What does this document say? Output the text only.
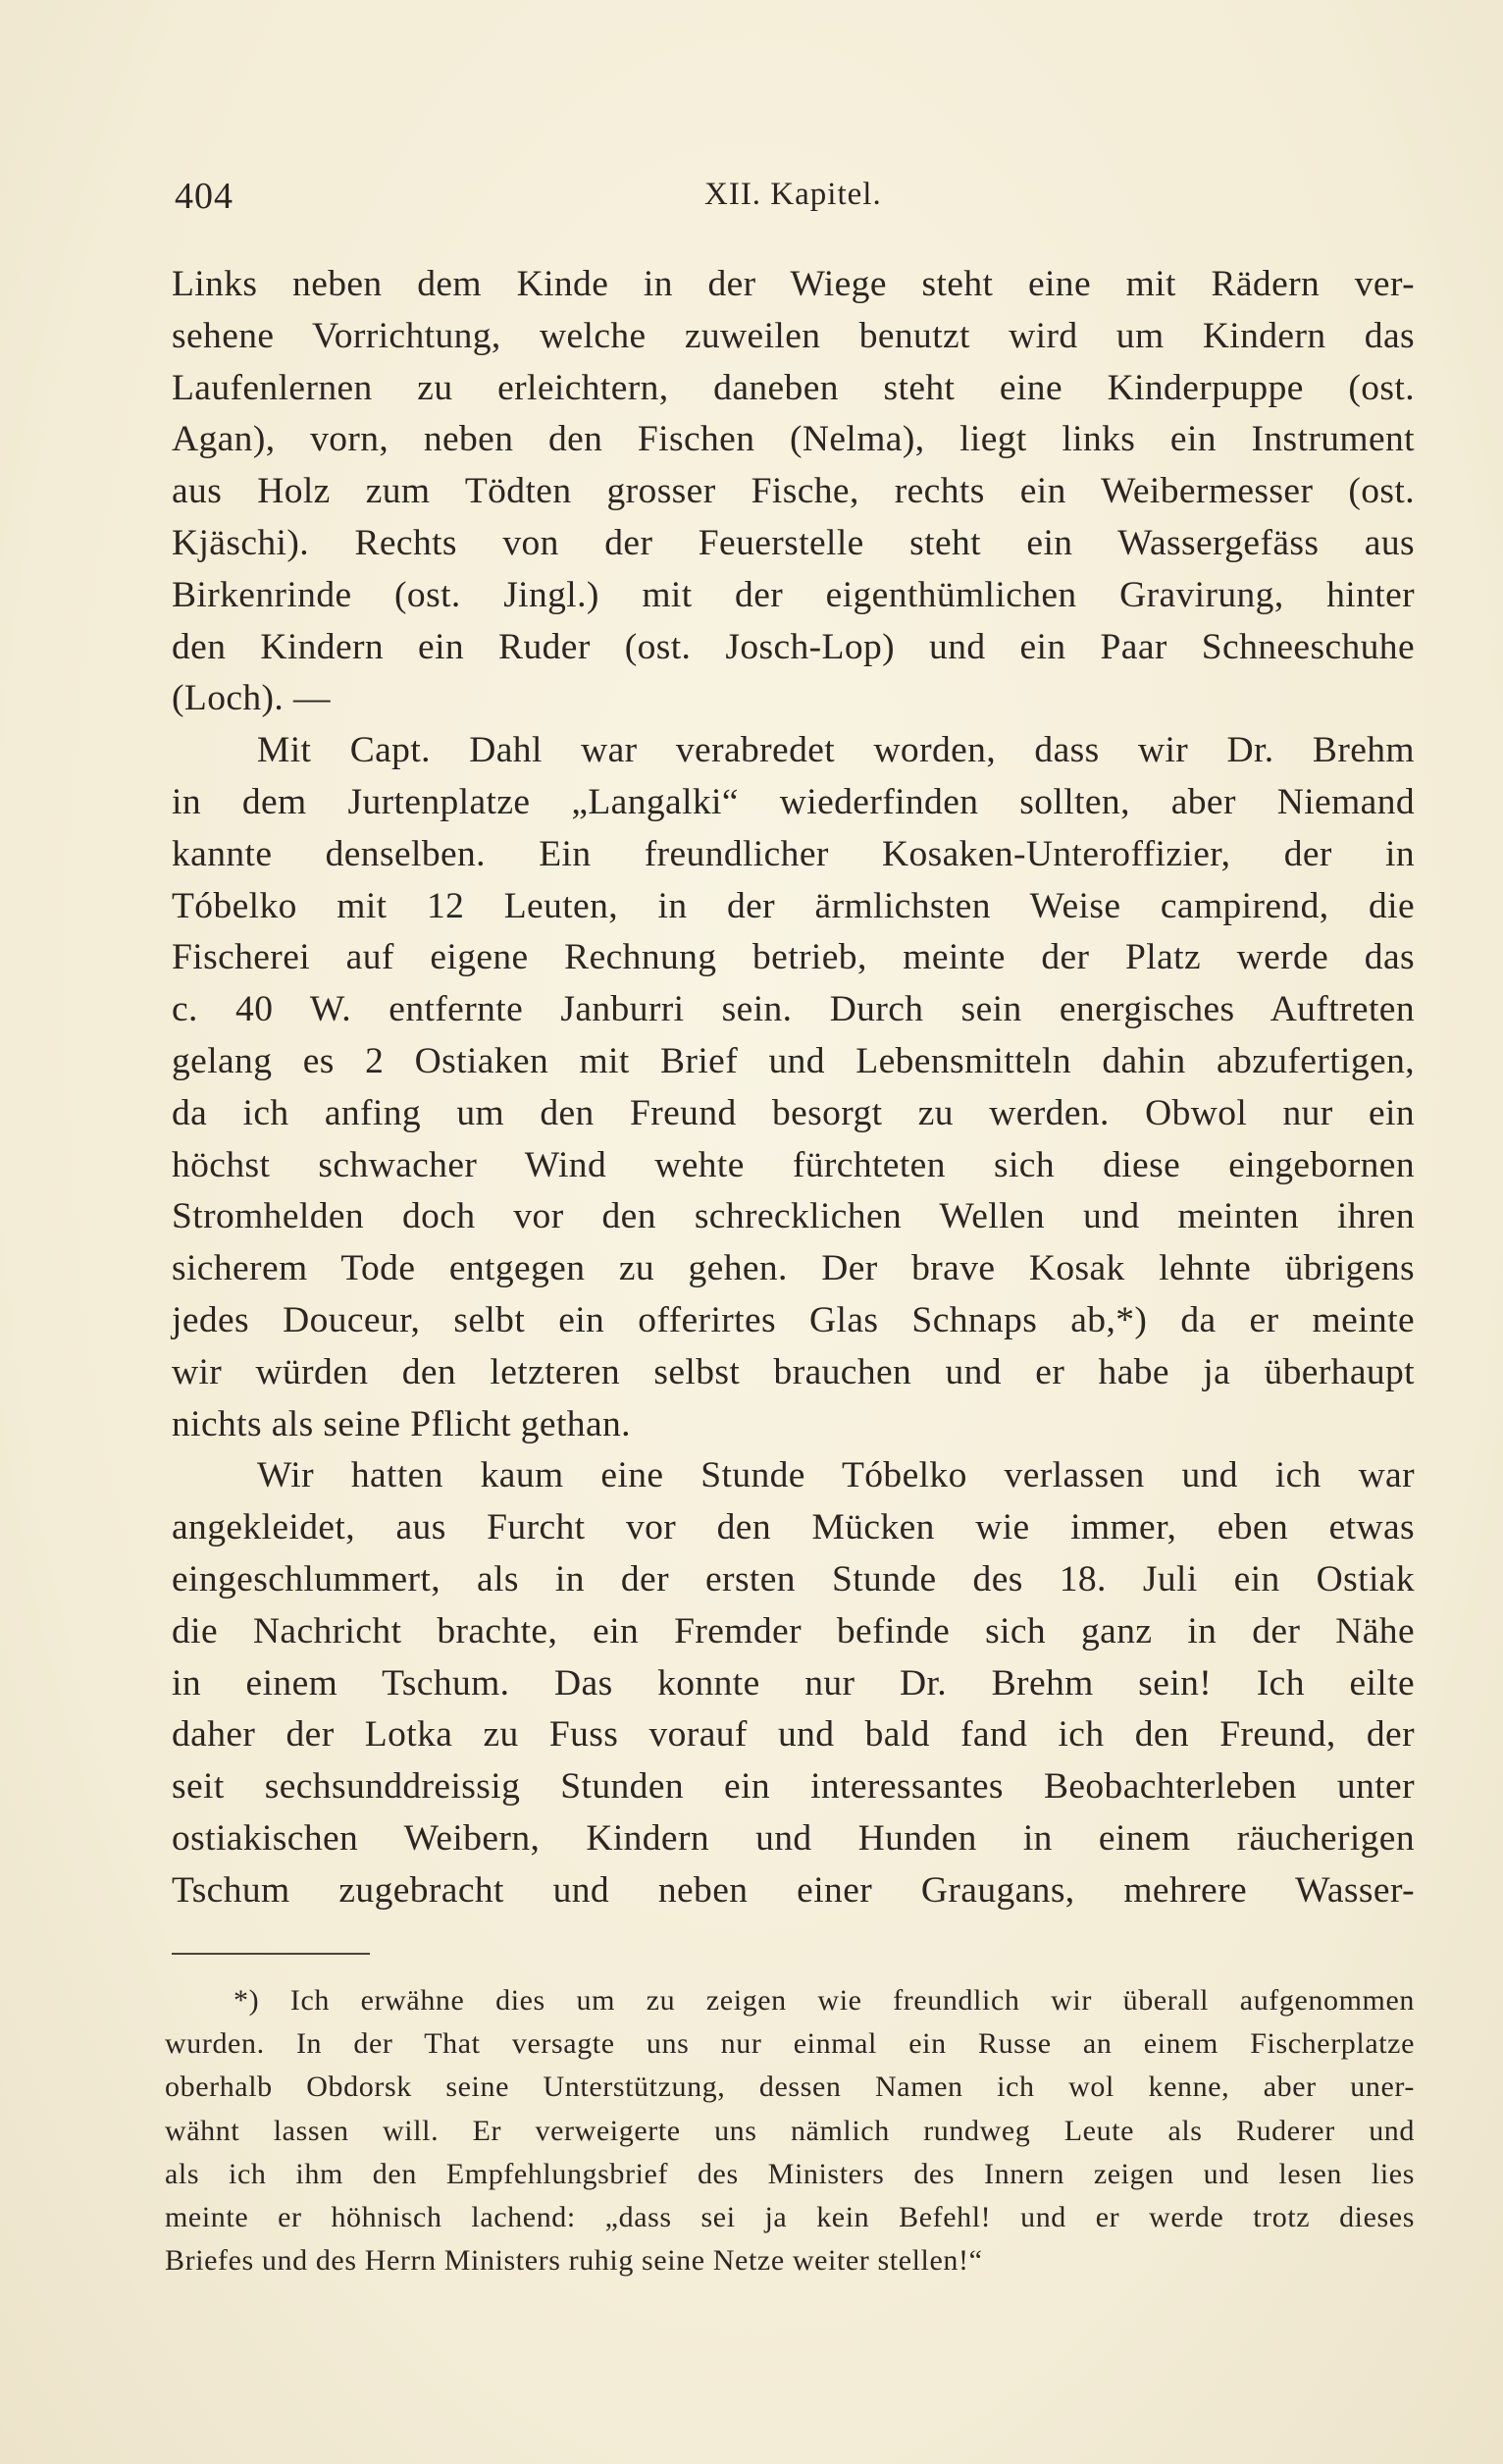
404	XII. Kapitel.
Links neben dem Kinde in der Wiege steht eine mit Rädern ver-
sehene Vorrichtung, welche zuweilen benutzt wird um Kindern das
Laufenlernen zu erleichtern, daneben steht eine Kinderpuppe (ost.
Agan), vorn, neben den Fischen (Nelma), liegt links ein Instrument
aus Holz zum Tödten grosser Fische, rechts ein Weibermesser (ost.
Kjäschi). Rechts von der Feuerstelle steht ein Wassergefäss aus
Birkenrinde (ost. Jingl.) mit der eigenthümlichen Gravirung, hinter
den Kindern ein Ruder (ost. Josch-Lop) und ein Paar Schneeschuhe
(Loch). —
Mit Capt. Dahl war verabredet worden, dass wir Dr. Brehm
in dem Jurtenplatze „Langalki“ wiederfinden sollten, aber Niemand
kannte denselben. Ein freundlicher Kosaken-Unteroffizier, der in
Tóbelko mit 12 Leuten, in der ärmlichsten Weise campirend, die
Fischerei auf eigene Rechnung betrieb, meinte der Platz werde das
c. 40 W. entfernte Janburri sein. Durch sein energisches Auftreten
gelang es 2 Ostiaken mit Brief und Lebensmitteln dahin abzufertigen,
da ich anfing um den Freund besorgt zu werden. Obwol nur ein
höchst schwacher Wind wehte fürchteten sich diese eingebornen
Stromhelden doch vor den schrecklichen Wellen und meinten ihren
sicherem Tode entgegen zu gehen. Der brave Kosak lehnte übrigens
jedes Douceur, selbt ein offerirtes Glas Schnaps ab,*) da er meinte
wir würden den letzteren selbst brauchen und er habe ja überhaupt
nichts als seine Pflicht gethan.
Wir hatten kaum eine Stunde Tóbelko verlassen und ich war
angekleidet, aus Furcht vor den Mücken wie immer, eben etwas
eingeschlummert, als in der ersten Stunde des 18. Juli ein Ostiak
die Nachricht brachte, ein Fremder befinde sich ganz in der Nähe
in einem Tschum. Das konnte nur Dr. Brehm sein! Ich eilte
daher der Lotka zu Fuss vorauf und bald fand ich den Freund, der
seit sechsunddreissig Stunden ein interessantes Beobachterleben unter
ostiakischen Weibern, Kindern und Hunden in einem räucherigen
Tschum zugebracht und neben einer Graugans, mehrere Wasser-
*) Ich erwähne dies um zu zeigen wie freundlich wir überall aufgenommen
wurden. In der That versagte uns nur einmal ein Russe an einem Fischerplatze
oberhalb Obdorsk seine Unterstützung, dessen Namen ich wol kenne, aber uner-
wähnt lassen will. Er verweigerte uns nämlich rundweg Leute als Ruderer und
als ich ihm den Empfehlungsbrief des Ministers des Innern zeigen und lesen lies
meinte er höhnisch lachend: „dass sei ja kein Befehl! und er werde trotz dieses
Briefes und des Herrn Ministers ruhig seine Netze weiter stellen!“
